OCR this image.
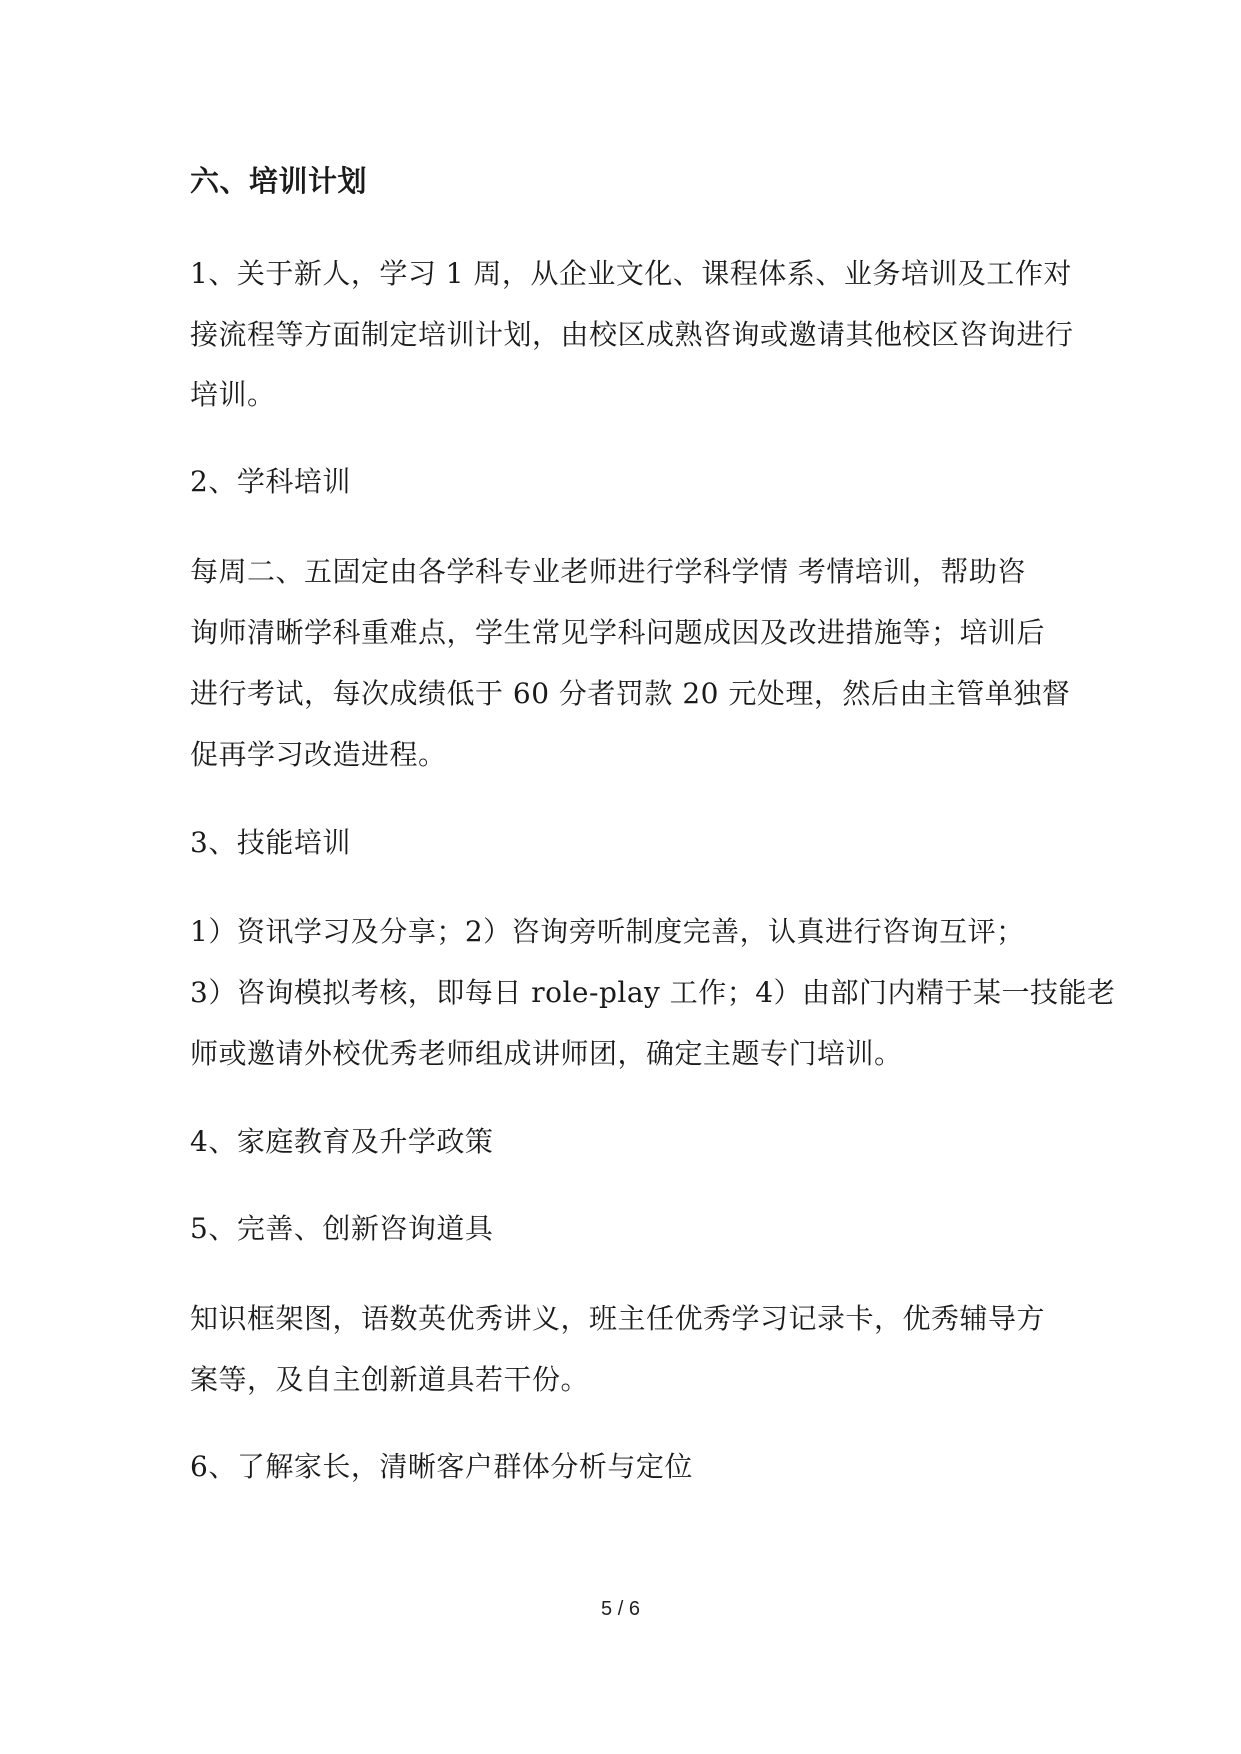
六、培训计划
1、关于新人，学习 1 周，从企业文化、课程体系、业务培训及工作对
接流程等方面制定培训计划，由校区成熟咨询或邀请其他校区咨询进行
培训。
2、学科培训
每周二、五固定由各学科专业老师进行学科学情 考情培训，帮助咨
询师清晰学科重难点，学生常见学科问题成因及改进措施等；培训后
进行考试，每次成绩低于 60 分者罚款 20 元处理，然后由主管单独督
促再学习改造进程。
3、技能培训
1）资讯学习及分享；2）咨询旁听制度完善，认真进行咨询互评；
3）咨询模拟考核，即每日 role-play 工作；4）由部门内精于某一技能老
师或邀请外校优秀老师组成讲师团，确定主题专门培训。
4、家庭教育及升学政策
5、完善、创新咨询道具
知识框架图，语数英优秀讲义，班主任优秀学习记录卡，优秀辅导方
案等，及自主创新道具若干份。
6、了解家长，清晰客户群体分析与定位
5 / 6
